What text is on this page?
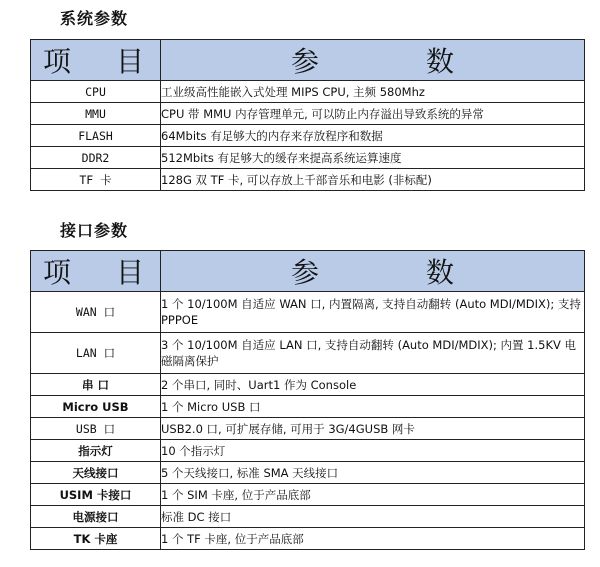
系统参数
项 目	参 数

CPU	工业级高性能嵌入式处理 MIPS CPU, 主频 580Mhz
MMU	CPU 带 MMU 内存管理单元, 可以防止内存溢出导致系统的异常
FLASH	64Mbits 有足够大的内存来存放程序和数据
DDR2	512Mbits 有足够大的缓存来提高系统运算速度
TF 卡	128G 双 TF 卡, 可以存放上千部音乐和电影 (非标配)
接口参数
项 目	参 数

WAN 口	1 个 10/100M 自适应 WAN 口, 内置隔离, 支持自动翻转 (Auto MDI/MDIX); 支持 PPPOE
LAN 口	3 个 10/100M 自适应 LAN 口, 支持自动翻转 (Auto MDI/MDIX); 内置 1.5KV 电磁隔离保护
串 口	2 个串口, 同时、Uart1 作为 Console
Micro USB	1 个 Micro USB 口
USB 口	USB2.0 口, 可扩展存储, 可用于 3G/4GUSB 网卡
指示灯	10 个指示灯
天线接口	5 个天线接口, 标准 SMA 天线接口
USIM 卡接口	1 个 SIM 卡座, 位于产品底部
电源接口	标准 DC 接口
TK 卡座	1 个 TF 卡座, 位于产品底部
